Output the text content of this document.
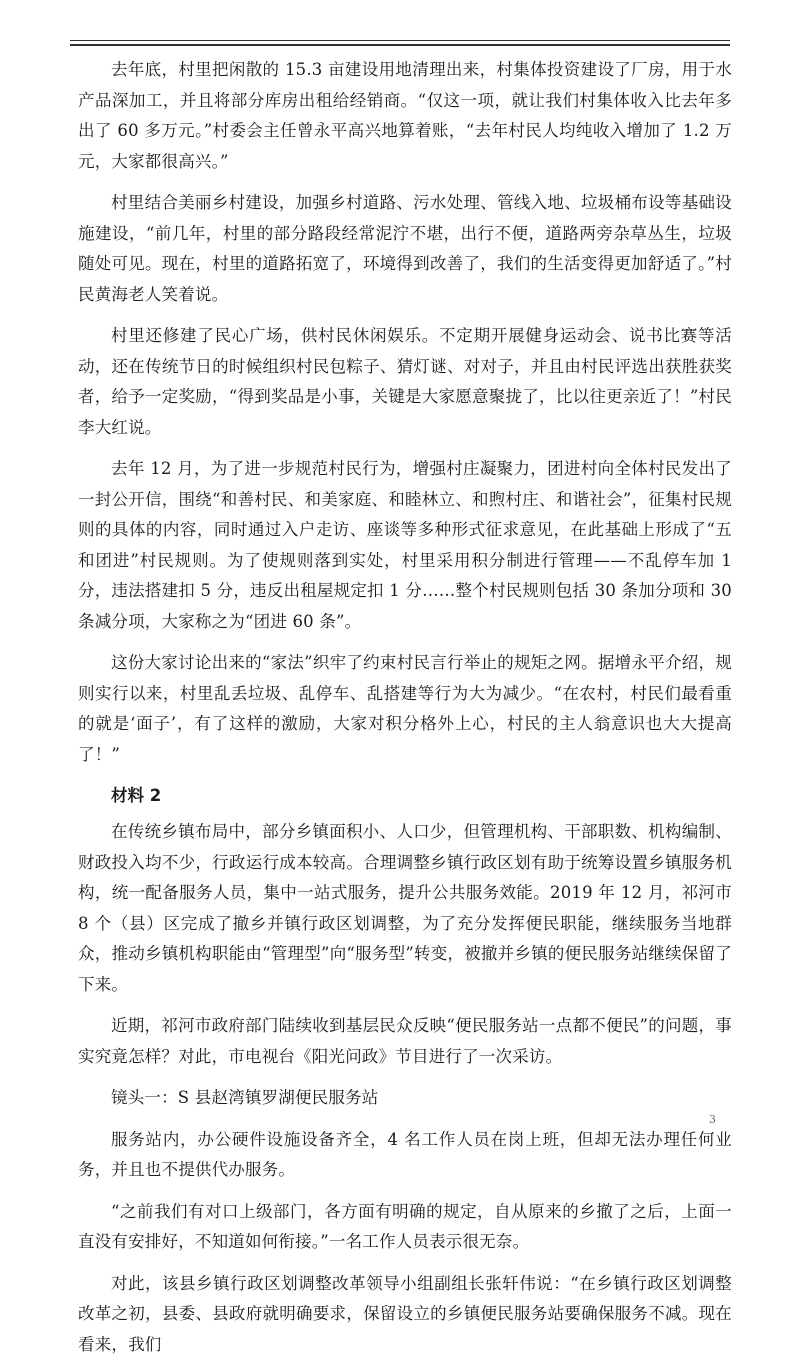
去年底，村里把闲散的 15.3 亩建设用地清理出来，村集体投资建设了厂房，用于水产品深加工，并且将部分库房出租给经销商。“仅这一项，就让我们村集体收入比去年多出了 60 多万元。”村委会主任曾永平高兴地算着账，“去年村民人均纯收入增加了 1.2 万元，大家都很高兴。”

村里结合美丽乡村建设，加强乡村道路、污水处理、管线入地、垃圾桶布设等基础设施建设，“前几年，村里的部分路段经常泥泞不堪，出行不便，道路两旁杂草丛生，垃圾随处可见。现在，村里的道路拓宽了，环境得到改善了，我们的生活变得更加舒适了。”村民黄海老人笑着说。

村里还修建了民心广场，供村民休闲娱乐。不定期开展健身运动会、说书比赛等活动，还在传统节日的时候组织村民包粽子、猜灯谜、对对子，并且由村民评选出获胜获奖者，给予一定奖励，“得到奖品是小事，关键是大家愿意聚拢了，比以往更亲近了！”村民李大红说。

去年 12 月，为了进一步规范村民行为，增强村庄凝聚力，团进村向全体村民发出了一封公开信，围绕“和善村民、和美家庭、和睦林立、和煦村庄、和谐社会”，征集村民规则的具体的内容，同时通过入户走访、座谈等多种形式征求意见，在此基础上形成了“五和团进”村民规则。为了使规则落到实处，村里采用积分制进行管理——不乱停车加 1 分，违法搭建扣 5 分，违反出租屋规定扣 1 分……整个村民规则包括 30 条加分项和 30 条减分项，大家称之为“团进 60 条”。

这份大家讨论出来的“家法”织牢了约束村民言行举止的规矩之网。据增永平介绍，规则实行以来，村里乱丢垃圾、乱停车、乱搭建等行为大为减少。“在农村，村民们最看重的就是‘面子’，有了这样的激励，大家对积分格外上心，村民的主人翁意识也大大提高了！”

材料 2

在传统乡镇布局中，部分乡镇面积小、人口少，但管理机构、干部职数、机构编制、财政投入均不少，行政运行成本较高。合理调整乡镇行政区划有助于统筹设置乡镇服务机构，统一配备服务人员，集中一站式服务，提升公共服务效能。2019 年 12 月，祁河市 8 个（县）区完成了撤乡并镇行政区划调整，为了充分发挥便民职能，继续服务当地群众，推动乡镇机构职能由“管理型”向“服务型”转变，被撤并乡镇的便民服务站继续保留了下来。

近期，祁河市政府部门陆续收到基层民众反映“便民服务站一点都不便民”的问题，事实究竟怎样？对此，市电视台《阳光问政》节目进行了一次采访。

镜头一：S 县赵湾镇罗湖便民服务站

服务站内，办公硬件设施设备齐全，4 名工作人员在岗上班，但却无法办理任何业务，并且也不提供代办服务。

“之前我们有对口上级部门，各方面有明确的规定，自从原来的乡撤了之后，上面一直没有安排好，不知道如何衔接。”一名工作人员表示很无奈。

对此，该县乡镇行政区划调整改革领导小组副组长张轩伟说：“在乡镇行政区划调整改革之初，县委、县政府就明确要求，保留设立的乡镇便民服务站要确保服务不减。现在看来，我们

3
